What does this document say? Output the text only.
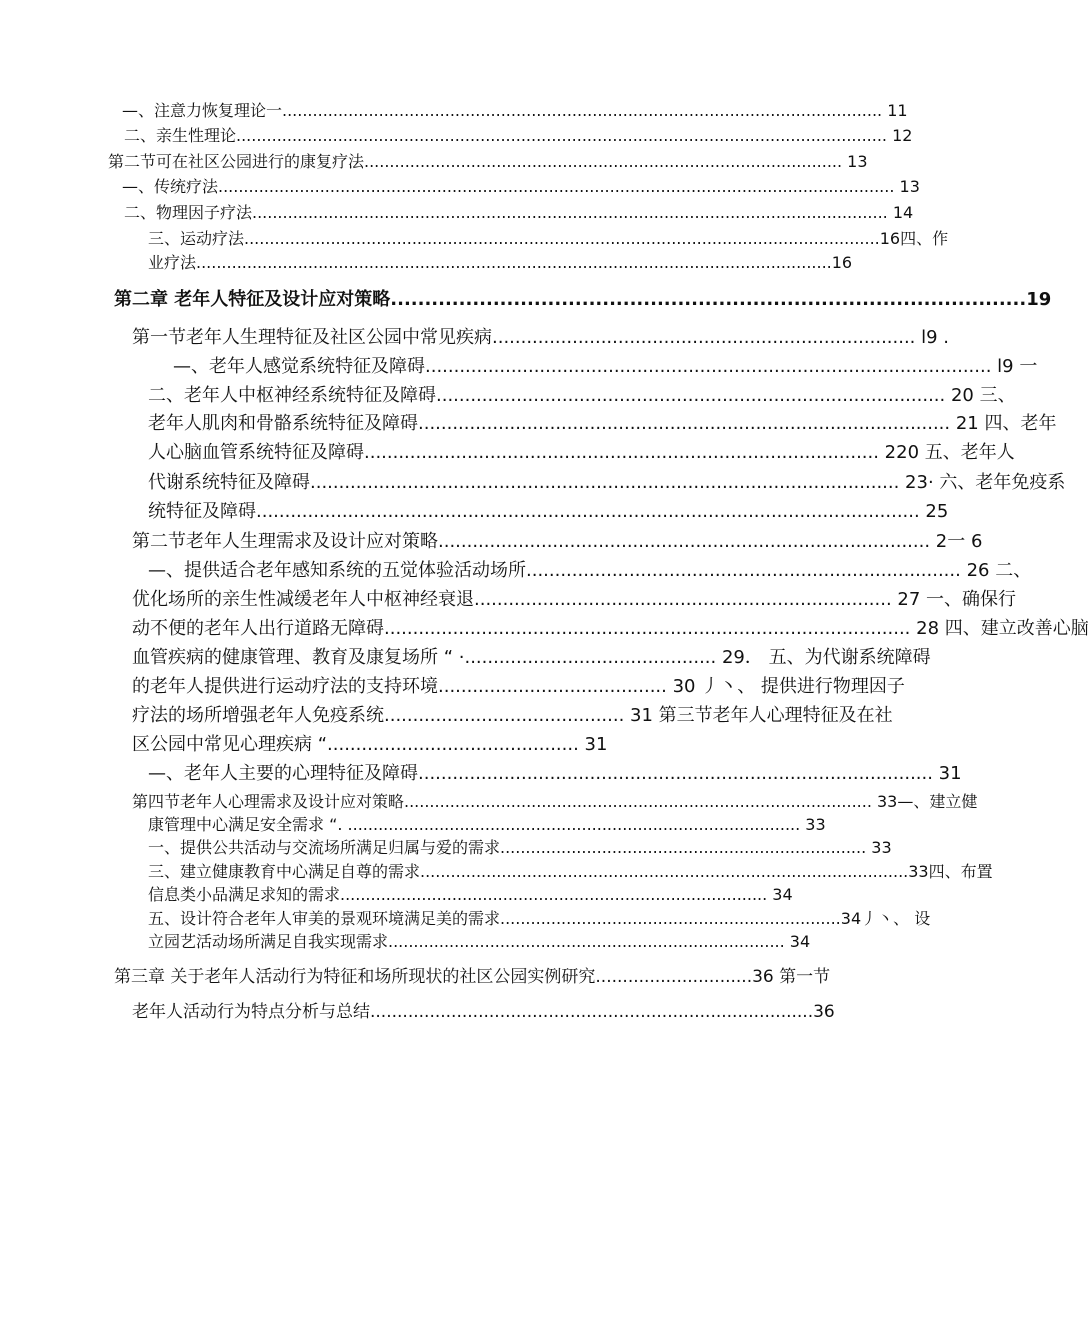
—、注意力恢复理论一...................................................................................................................... 11
二、亲生性理论................................................................................................................................ 12
第二节可在社区公园进行的康复疗法.............................................................................................. 13
—、传统疗法..................................................................................................................................... 13
二、物理因子疗法............................................................................................................................. 14
三、运动疗法.............................................................................................................................16四、作
业疗法.............................................................................................................................16
第二章 老年人特征及设计应对策略.............................................................................................19
第一节老年人生理特征及社区公园中常见疾病.......................................................................... l9 .
—、老年人感觉系统特征及障碍................................................................................................... l9 一
二、老年人中枢神经系统特征及障碍......................................................................................... 20 三、
老年人肌肉和骨骼系统特征及障碍............................................................................................. 21 四、老年
人心脑血管系统特征及障碍.......................................................................................... 220 五、老年人
代谢系统特征及障碍....................................................................................................... 23· 六、老年免疫系
统特征及障碍.................................................................................................................... 25
第二节老年人生理需求及设计应对策略...................................................................................... 2一 6
—、提供适合老年感知系统的五觉体验活动场所............................................................................ 26 二、
优化场所的亲生性减缓老年人中枢神经衰退......................................................................... 27 一、确保行
动不便的老年人出行道路无障碍............................................................................................ 28 四、建立改善心脑
血管疾病的健康管理、教育及康复场所 “ ·............................................ 29． 五、为代谢系统障碍
的老年人提供进行运动疗法的支持环境........................................ 30 丿丶、 提供进行物理因子
疗法的场所增强老年人免疫系统.......................................... 31 第三节老年人心理特征及在社
区公园中常见心理疾病 “............................................ 31
—、老年人主要的心理特征及障碍.......................................................................................... 31
第四节老年人心理需求及设计应对策略............................................................................................ 33—、建立健
康管理中心满足安全需求 “. ......................................................................................... 33
一、提供公共活动与交流场所满足归属与爱的需求........................................................................ 33
三、建立健康教育中心满足自尊的需求................................................................................................33四、布置
信息类小品满足求知的需求.................................................................................... 34
五、设计符合老年人审美的景观环境满足美的需求...................................................................34丿丶、 设
立园艺活动场所满足自我实现需求.............................................................................. 34
第三章 关于老年人活动行为特征和场所现状的社区公园实例研究.............................36 第一节
老年人活动行为特点分析与总结..................................................................................36
